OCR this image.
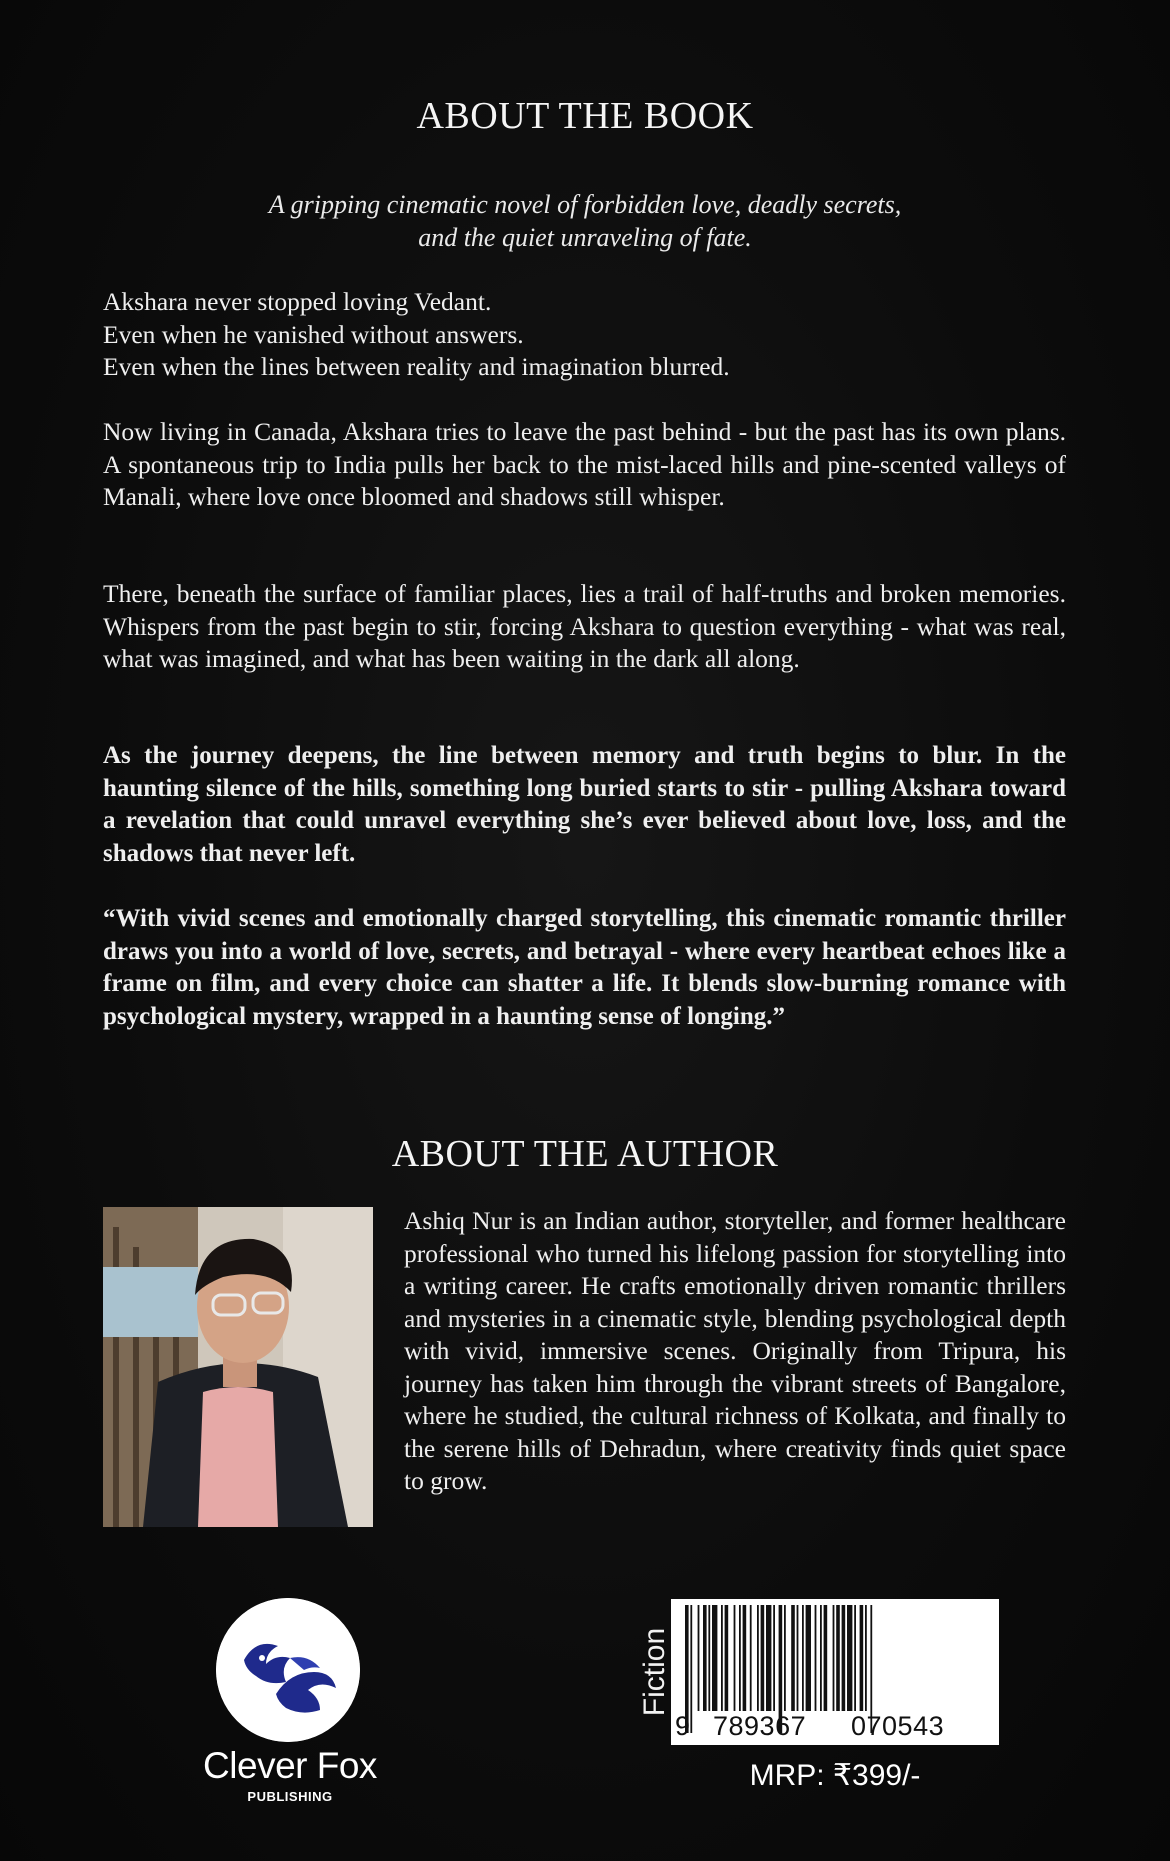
ABOUT THE BOOK
A gripping cinematic novel of forbidden love, deadly secrets,
and the quiet unraveling of fate.
Akshara never stopped loving Vedant.
Even when he vanished without answers.
Even when the lines between reality and imagination blurred.
Now living in Canada, Akshara tries to leave the past behind - but the past has its own plans. A spontaneous trip to India pulls her back to the mist-laced hills and pine-scented valleys of Manali, where love once bloomed and shadows still whisper.
There, beneath the surface of familiar places, lies a trail of half-truths and broken memories. Whispers from the past begin to stir, forcing Akshara to question everything - what was real, what was imagined, and what has been waiting in the dark all along.
As the journey deepens, the line between memory and truth begins to blur. In the haunting silence of the hills, something long buried starts to stir - pulling Akshara toward a revelation that could unravel everything she’s ever believed about love, loss, and the shadows that never left.
“With vivid scenes and emotionally charged storytelling, this cinematic romantic thriller draws you into a world of love, secrets, and betrayal - where every heartbeat echoes like a frame on film, and every choice can shatter a life. It blends slow-burning romance with psychological mystery, wrapped in a haunting sense of longing.”
ABOUT THE AUTHOR
Ashiq Nur is an Indian author, storyteller, and former healthcare professional who turned his lifelong passion for storytelling into a writing career. He crafts emotionally driven romantic thrillers and mysteries in a cinematic style, blending psychological depth with vivid, immersive scenes. Originally from Tripura, his journey has taken him through the vibrant streets of Bangalore, where he studied, the cultural richness of Kolkata, and finally to the serene hills of Dehradun, where creativity finds quiet space to grow.
Clever Fox
PUBLISHING
Fiction
9 789367 070543
MRP: ₹399/-
